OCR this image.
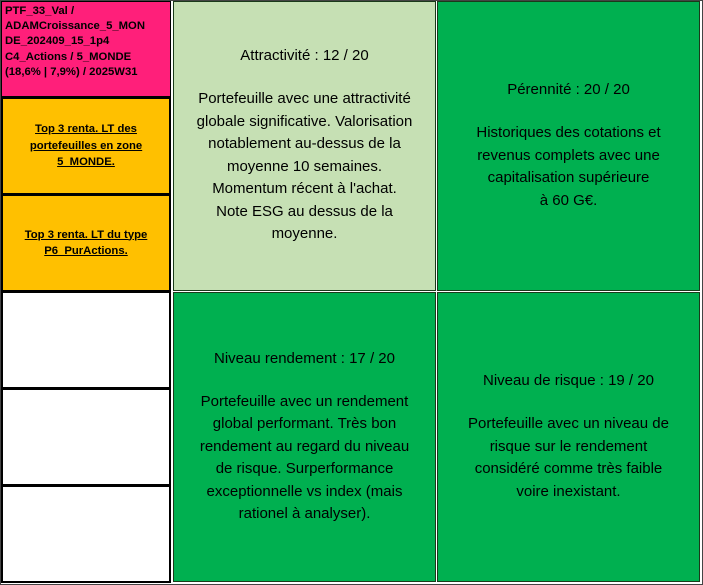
PTF_33_Val /
ADAMCroissance_5_MON
DE_202409_15_1p4
C4_Actions / 5_MONDE
(18,6% | 7,9%) / 2025W31
Top 3 renta. LT des portefeuilles en zone 5_MONDE.
Top 3 renta. LT du type P6_PurActions.
Attractivité : 12 / 20
Portefeuille avec une attractivité
globale significative. Valorisation
notablement au-dessus de la
moyenne 10 semaines.
Momentum récent à l'achat.
Note ESG au dessus de la
moyenne.
Pérennité : 20 / 20
Historiques des cotations et
revenus complets avec une
capitalisation supérieure
à 60 G€.
Niveau rendement : 17 / 20
Portefeuille avec un rendement
global performant. Très bon
rendement au regard du niveau
de risque. Surperformance
exceptionnelle vs index (mais
rationel à analyser).
Niveau de risque : 19 / 20
Portefeuille avec un niveau de
risque sur le rendement
considéré comme très faible
voire inexistant.
